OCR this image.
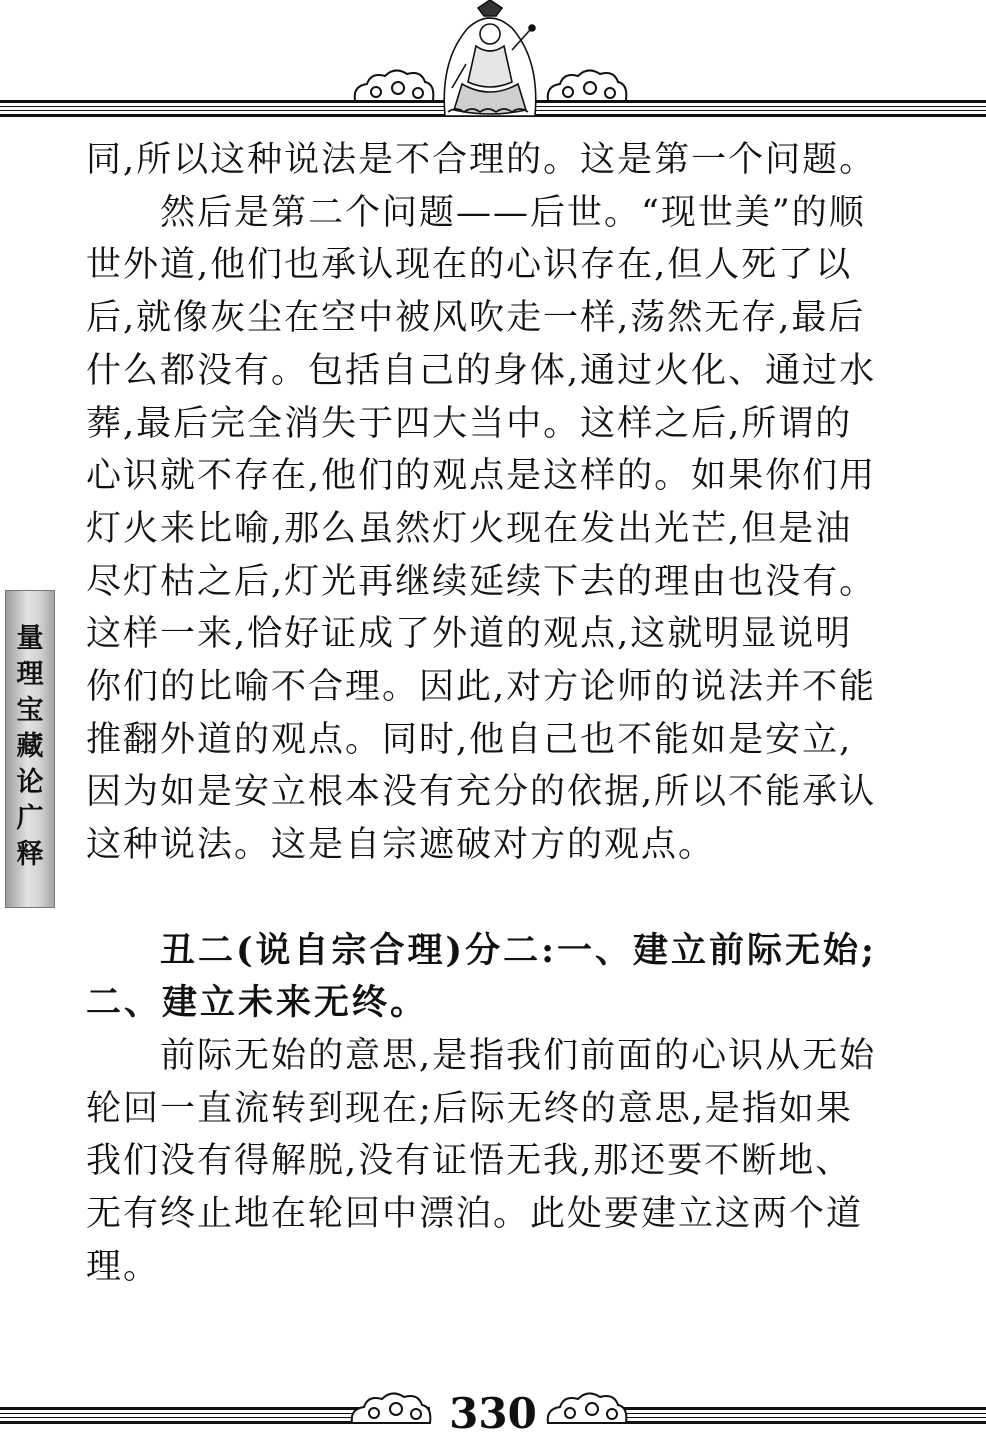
量
理
宝
藏
论
广
释

同,所以这种说法是不合理的。这是第一个问题。

然后是第二个问题——后世。“现世美”的顺世外道,他们也承认现在的心识存在,但人死了以后,就像灰尘在空中被风吹走一样,荡然无存,最后什么都没有。包括自己的身体,通过火化、通过水葬,最后完全消失于四大当中。这样之后,所谓的心识就不存在,他们的观点是这样的。如果你们用灯火来比喻,那么虽然灯火现在发出光芒,但是油尽灯枯之后,灯光再继续延续下去的理由也没有。这样一来,恰好证成了外道的观点,这就明显说明你们的比喻不合理。因此,对方论师的说法并不能推翻外道的观点。同时,他自己也不能如是安立,因为如是安立根本没有充分的依据,所以不能承认这种说法。这是自宗遮破对方的观点。

丑二(说自宗合理)分二:一、建立前际无始;二、建立未来无终。

前际无始的意思,是指我们前面的心识从无始轮回一直流转到现在;后际无终的意思,是指如果我们没有得解脱,没有证悟无我,那还要不断地、无有终止地在轮回中漂泊。此处要建立这两个道理。

330
